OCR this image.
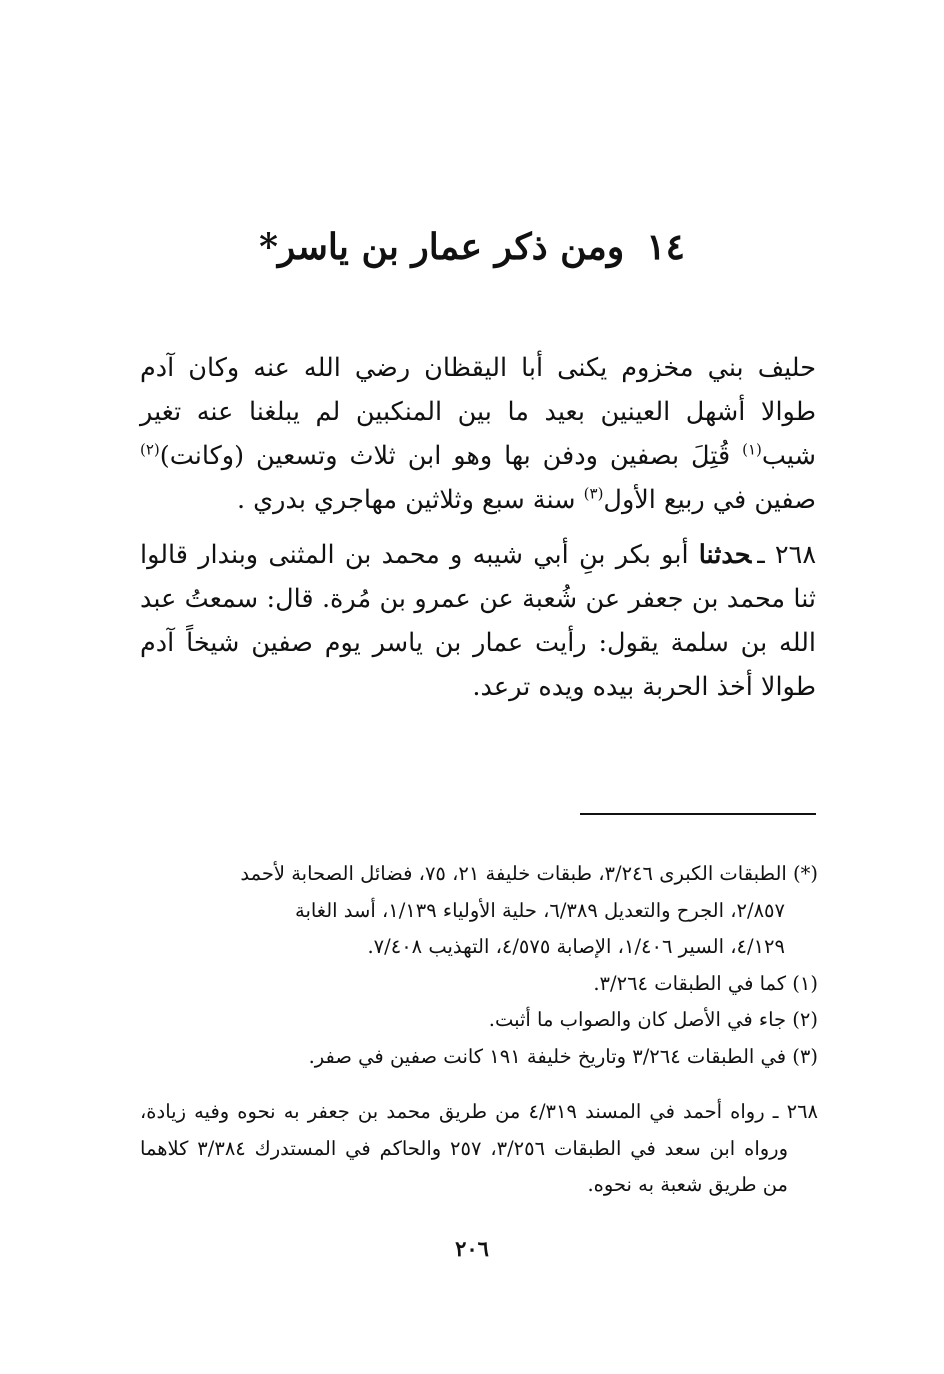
١٤ومن ذكر عمار بن ياسر*

حليف بني مخزوم يكنى أبا اليقظان رضي الله عنه وكان آدم طوالا أشهل العينين بعيد ما بين المنكبين لم يبلغنا عنه تغير شيب$^{(١)}$ قُتِلَ بصفين ودفن بها وهو ابن ثلاث وتسعين (وكانت)$^{(٢)}$ صفين في ربيع الأول$^{(٣)}$ سنة سبع وثلاثين مهاجري بدري .

٢٦٨ ـحدثنا أبو بكر بنِ أبي شيبه و محمد بن المثنى وبندار قالوا ثنا محمد بن جعفر عن شُعبة عن عمرو بن مُرة. قال: سمعتُ عبد الله بن سلمة يقول: رأيت عمار بن ياسر يوم صفين شيخاً آدم طوالا أخذ الحربة بيده ويده ترعد.

(*) الطبقات الكبرى ٣/٢٤٦، طبقات خليفة ٢١، ٧٥، فضائل الصحابة لأحمد

٢/٨٥٧، الجرح والتعديل ٦/٣٨٩، حلية الأولياء ١/١٣٩، أسد الغابة

٤/١٢٩، السير ١/٤٠٦، الإصابة ٤/٥٧٥، التهذيب ٧/٤٠٨.

(١) كما في الطبقات ٣/٢٦٤.

(٢) جاء في الأصل كان والصواب ما أثبت.

(٣) في الطبقات ٣/٢٦٤ وتاريخ خليفة ١٩١ كانت صفين في صفر.

٢٦٨ ـ رواه أحمد في المسند ٤/٣١٩ من طريق محمد بن جعفر به نحوه وفيه زيادة، ورواه ابن سعد في الطبقات ٣/٢٥٦، ٢٥٧ والحاكم في المستدرك ٣/٣٨٤ كلاهما من طريق شعبة به نحوه.

٢٠٦
